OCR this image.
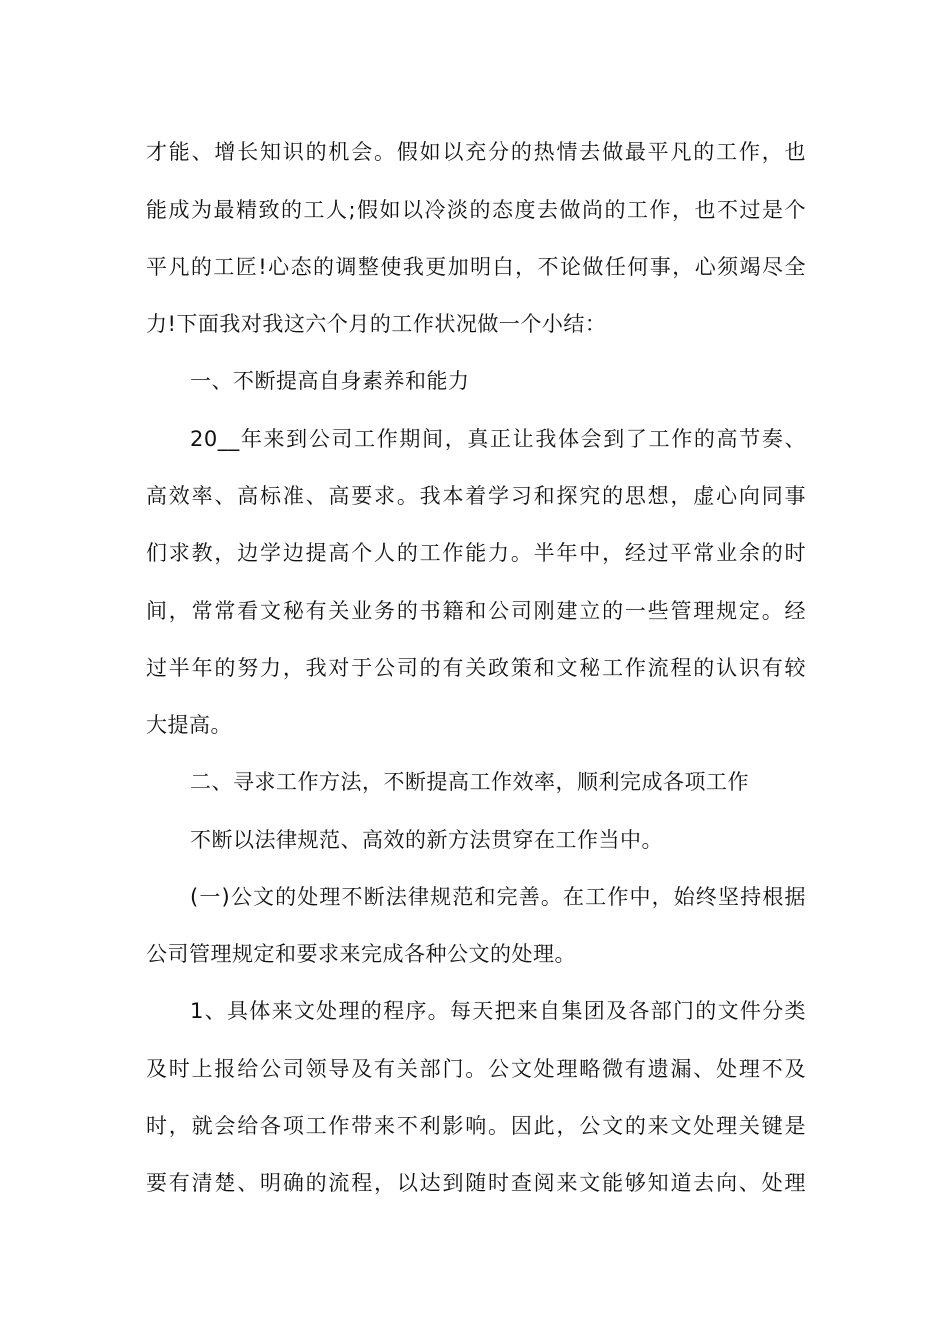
才能、增长知识的机会。假如以充分的热情去做最平凡的工作，也
能成为最精致的工人;假如以冷淡的态度去做尚的工作，也不过是个
平凡的工匠!心态的调整使我更加明白，不论做任何事，心须竭尽全
力!下面我对我这六个月的工作状况做一个小结：
一、不断提高自身素养和能力
20__年来到公司工作期间，真正让我体会到了工作的高节奏、
高效率、高标准、高要求。我本着学习和探究的思想，虚心向同事
们求教，边学边提高个人的工作能力。半年中，经过平常业余的时
间，常常看文秘有关业务的书籍和公司刚建立的一些管理规定。经
过半年的努力，我对于公司的有关政策和文秘工作流程的认识有较
大提高。
二、寻求工作方法，不断提高工作效率，顺利完成各项工作
不断以法律规范、高效的新方法贯穿在工作当中。
(一)公文的处理不断法律规范和完善。在工作中，始终坚持根据
公司管理规定和要求来完成各种公文的处理。
1、具体来文处理的程序。每天把来自集团及各部门的文件分类
及时上报给公司领导及有关部门。公文处理略微有遗漏、处理不及
时，就会给各项工作带来不利影响。因此，公文的来文处理关键是
要有清楚、明确的流程，以达到随时查阅来文能够知道去向、处理
